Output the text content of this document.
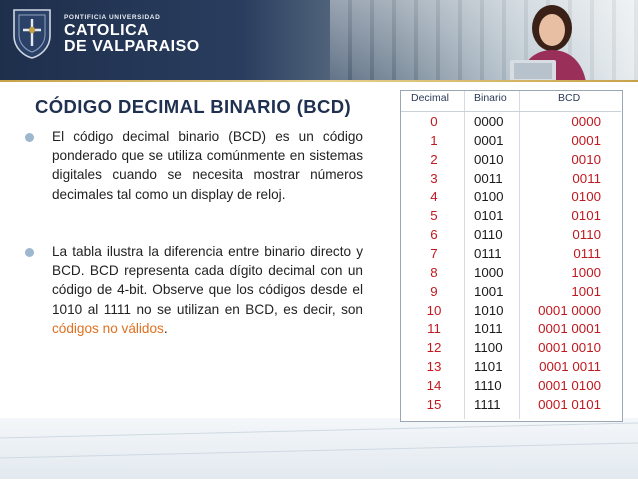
PONTIFICIA UNIVERSIDAD
CATOLICA
DE VALPARAISO
CÓDIGO DECIMAL BINARIO (BCD)

El código decimal binario (BCD) es un código ponderado que se utiliza comúnmente en sistemas digitales cuando se necesita mostrar números decimales tal como un display de reloj.

La tabla ilustra la diferencia entre binario directo y BCD. BCD representa cada dígito decimal con un código de 4-bit. Observe que los códigos desde el 1010 al 1111 no se utilizan en BCD, es decir, son códigos no válidos.

Decimal Binario	BCD
0	0000	0000
1	0001	0001
2	0010	0010
3	0011	0011
4	0100	0100
5	0101	0101
6	0110	0110
7	0111	0111
8	1000	1000
9	1001	1001
10	1010	0001 0000
11	1011	0001 0001
12	1100	0001 0010
13	1101	0001 0011
14	1110	0001 0100
15	1111	0001 0101
